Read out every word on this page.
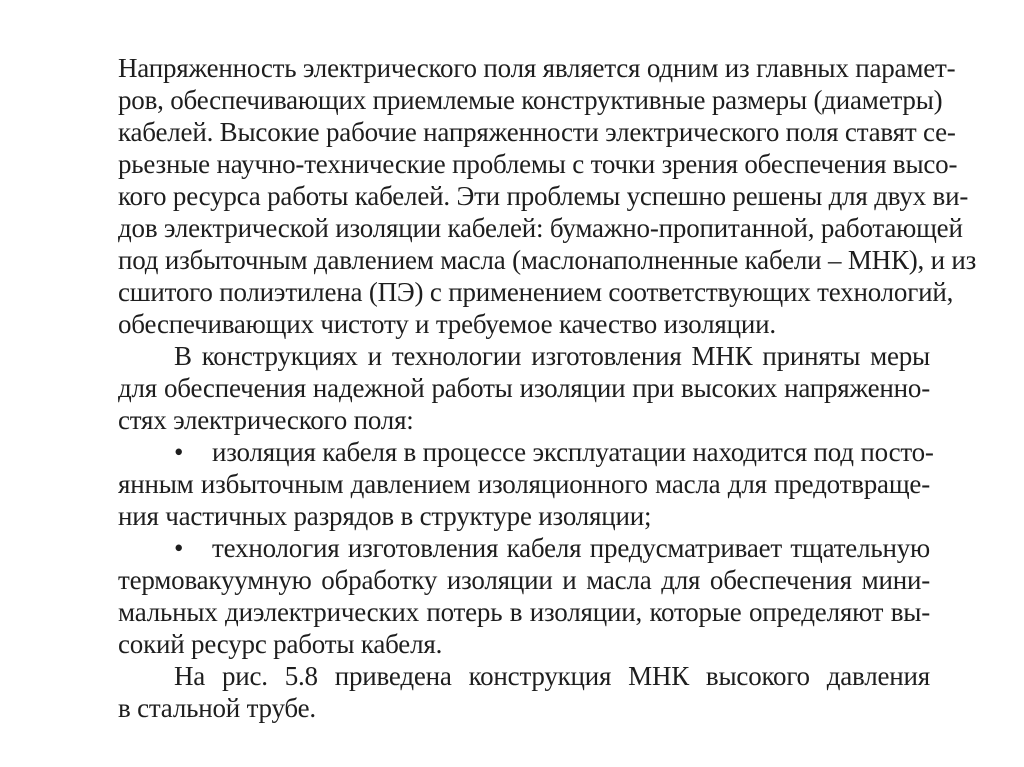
Напряженность электрического поля является одним из главных парамет-
ров, обеспечивающих приемлемые конструктивные размеры (диаметры)
кабелей. Высокие рабочие напряженности электрического поля ставят се-
рьезные научно-технические проблемы с точки зрения обеспечения высо-
кого ресурса работы кабелей. Эти проблемы успешно решены для двух ви-
дов электрической изоляции кабелей: бумажно-пропитанной, работающей
под избыточным давлением масла (маслонаполненные кабели – МНК), и из
сшитого полиэтилена (ПЭ) с применением соответствующих технологий,
обеспечивающих чистоту и требуемое качество изоляции.
В конструкциях и технологии изготовления МНК приняты меры
для обеспечения надежной работы изоляции при высоких напряженно-
стях электрического поля:
• изоляция кабеля в процессе эксплуатации находится под посто-
янным избыточным давлением изоляционного масла для предотвраще-
ния частичных разрядов в структуре изоляции;
• технология изготовления кабеля предусматривает тщательную
термовакуумную обработку изоляции и масла для обеспечения мини-
мальных диэлектрических потерь в изоляции, которые определяют вы-
сокий ресурс работы кабеля.
На рис. 5.8 приведена конструкция МНК высокого давления
в стальной трубе.
